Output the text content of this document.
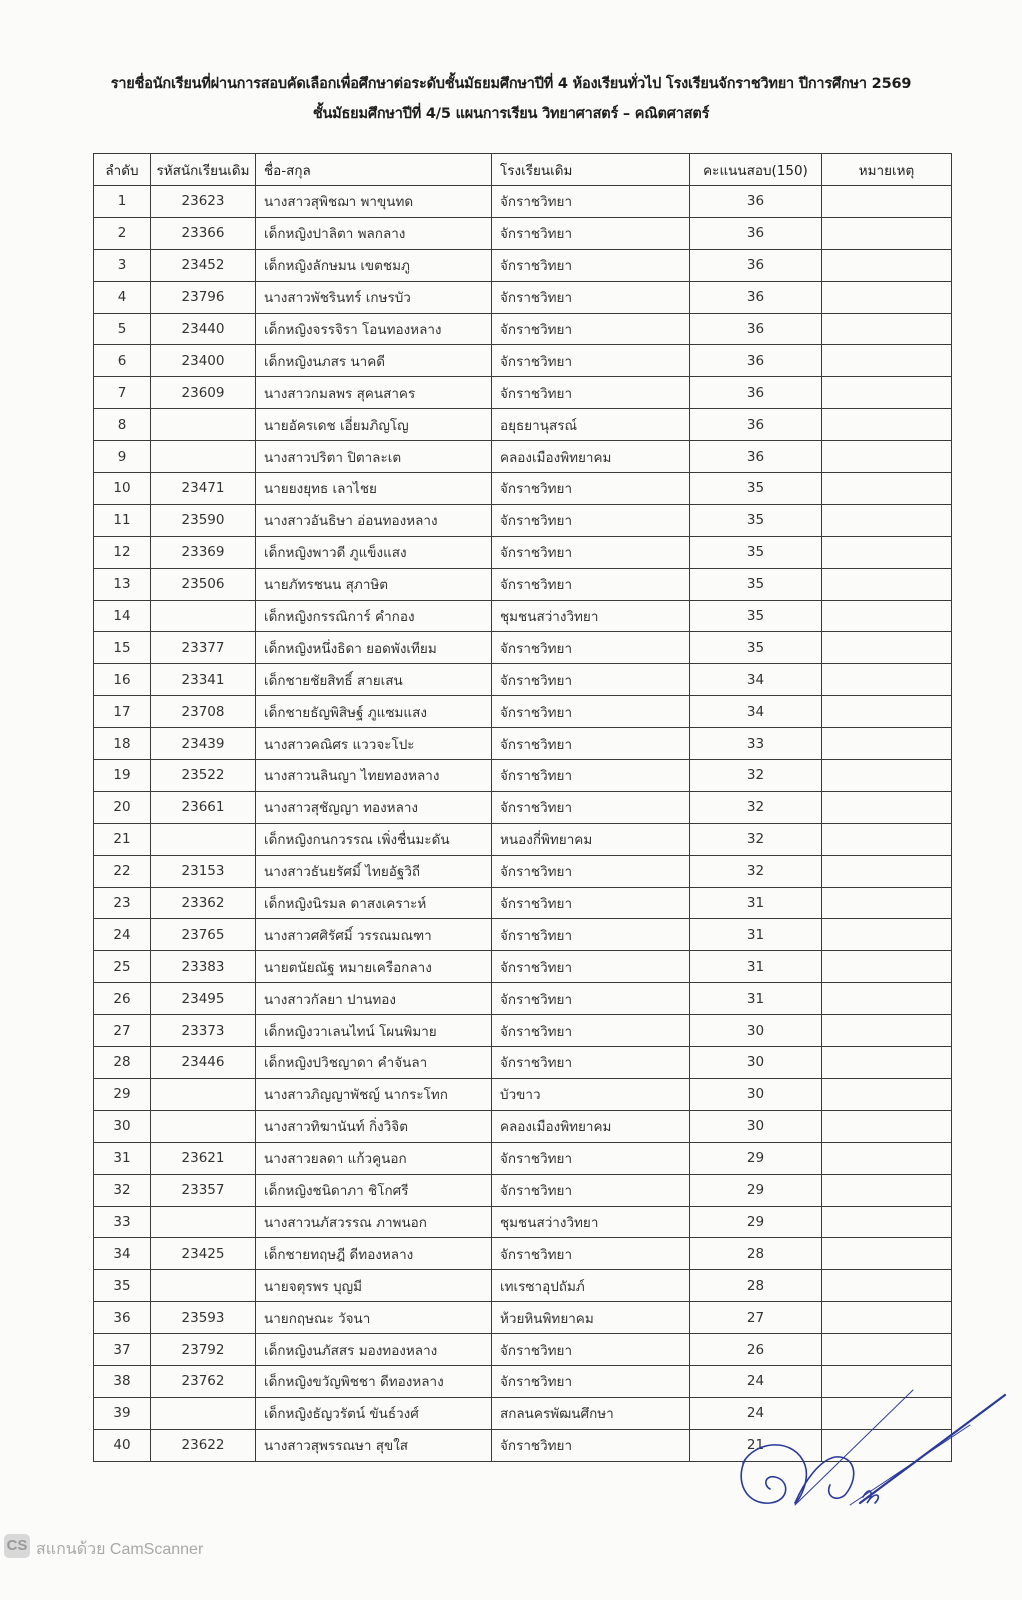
รายชื่อนักเรียนที่ผ่านการสอบคัดเลือกเพื่อศึกษาต่อระดับชั้นมัธยมศึกษาปีที่ 4 ห้องเรียนทั่วไป โรงเรียนจักราชวิทยา ปีการศึกษา 2569
ชั้นมัธยมศึกษาปีที่ 4/5 แผนการเรียน วิทยาศาสตร์ – คณิตศาสตร์
ลำดับ	รหัสนักเรียนเดิม	ชื่อ-สกุล	โรงเรียนเดิม	คะแนนสอบ(150)	หมายเหตุ
1	23623	นางสาวสุพิชฌา พาขุนทด	จักราชวิทยา	36	
2	23366	เด็กหญิงปาลิตา พลกลาง	จักราชวิทยา	36	
3	23452	เด็กหญิงลักษมน เขตชมภู	จักราชวิทยา	36	
4	23796	นางสาวพัชรินทร์ เกษรบัว	จักราชวิทยา	36	
5	23440	เด็กหญิงจรรจิรา โอนทองหลาง	จักราชวิทยา	36	
6	23400	เด็กหญิงนภสร นาคดี	จักราชวิทยา	36	
7	23609	นางสาวกมลพร สุคนสาคร	จักราชวิทยา	36	
8		นายอัครเดช เอี่ยมภิญโญ	อยุธยานุสรณ์	36	
9		นางสาวปริตา ปิตาละเต	คลองเมืองพิทยาคม	36	
10	23471	นายยงยุทธ เลาไชย	จักราชวิทยา	35	
11	23590	นางสาวอันธิษา อ่อนทองหลาง	จักราชวิทยา	35	
12	23369	เด็กหญิงพาวดี ภูแข็งแสง	จักราชวิทยา	35	
13	23506	นายภัทรชนน สุภาษิต	จักราชวิทยา	35	
14		เด็กหญิงกรรณิการ์ คำกอง	ชุมชนสว่างวิทยา	35	
15	23377	เด็กหญิงหนึ่งธิดา ยอดพังเทียม	จักราชวิทยา	35	
16	23341	เด็กชายชัยสิทธิ์ สายเสน	จักราชวิทยา	34	
17	23708	เด็กชายธัญพิสิษฐ์ ภูแซมแสง	จักราชวิทยา	34	
18	23439	นางสาวคณิศร แววจะโปะ	จักราชวิทยา	33	
19	23522	นางสาวนลินญา ไทยทองหลาง	จักราชวิทยา	32	
20	23661	นางสาวสุชัญญา ทองหลาง	จักราชวิทยา	32	
21		เด็กหญิงกนกวรรณ เพิ่งชื่นมะดัน	หนองกี่พิทยาคม	32	
22	23153	นางสาวธันยรัศมิ์ ไทยอัฐวิถี	จักราชวิทยา	32	
23	23362	เด็กหญิงนิรมล ดาสงเคราะห์	จักราชวิทยา	31	
24	23765	นางสาวศศิรัศมิ์ วรรณมณฑา	จักราชวิทยา	31	
25	23383	นายตนัยณัฐ หมายเครือกลาง	จักราชวิทยา	31	
26	23495	นางสาวกัลยา ปานทอง	จักราชวิทยา	31	
27	23373	เด็กหญิงวาเลนไทน์ โผนพิมาย	จักราชวิทยา	30	
28	23446	เด็กหญิงปวิชญาดา คำจันลา	จักราชวิทยา	30	
29		นางสาวภิญญาพัชญ์ นากระโทก	บัวขาว	30	
30		นางสาวทิฆานันท์ กิ่งวิจิต	คลองเมืองพิทยาคม	30	
31	23621	นางสาวยลดา แก้วคูนอก	จักราชวิทยา	29	
32	23357	เด็กหญิงชนิดาภา ชิโกศรี	จักราชวิทยา	29	
33		นางสาวนภัสวรรณ ภาพนอก	ชุมชนสว่างวิทยา	29	
34	23425	เด็กชายทฤษฎี ดีทองหลาง	จักราชวิทยา	28	
35		นายจตุรพร บุญมี	เทเรซาอุปถัมภ์	28	
36	23593	นายกฤษณะ วัจนา	ห้วยหินพิทยาคม	27	
37	23792	เด็กหญิงนภัสสร มองทองหลาง	จักราชวิทยา	26	
38	23762	เด็กหญิงขวัญพิชชา ดีทองหลาง	จักราชวิทยา	24	
39		เด็กหญิงธัญวรัตน์ ขันธ์วงศ์	สกลนครพัฒนศึกษา	24	
40	23622	นางสาวสุพรรณษา สุขใส	จักราชวิทยา	21	
CS สแกนด้วย CamScanner
